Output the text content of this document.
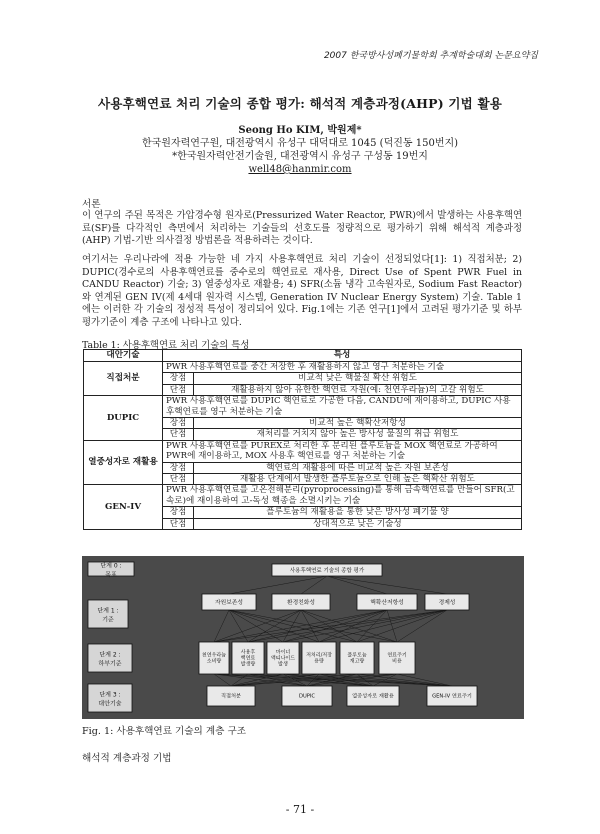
2007 한국방사성폐기물학회 추계학술대회 논문요약집
사용후핵연료 처리 기술의 종합 평가: 해석적 계층과정(AHP) 기법 활용
Seong Ho KIM, 박원제*
한국원자력연구원, 대전광역시 유성구 대덕대로 1045 (덕진동 150번지)
*한국원자력안전기술원, 대전광역시 유성구 구성동 19번지
well48@hanmir.com
서론
이 연구의 주된 목적은 가압경수형 원자로(Pressurized Water Reactor, PWR)에서 발생하는 사용후핵연료(SF)를 다각적인 측면에서 처리하는 기술들의 선호도를 정량적으로 평가하기 위해 해석적 계층과정(AHP) 기법-기반 의사결정 방법론을 적용하려는 것이다.
여기서는 우리나라에 적용 가능한 네 가지 사용후핵연료 처리 기술이 선정되었다[1]: 1) 직접처분; 2) DUPIC(경수로의 사용후핵연료를 중수로의 핵연료로 재사용, Direct Use of Spent PWR Fuel in CANDU Reactor) 기술; 3) 열중성자로 재활용; 4) SFR(소듐 냉각 고속원자로, Sodium Fast Reactor)와 연계된 GEN IV(제 4세대 원자력 시스템, Generation IV Nuclear Energy System) 기술. Table 1에는 이러한 각 기술의 정성적 특성이 정리되어 있다. Fig.1에는 기존 연구[1]에서 고려된 평가기준 및 하부 평가기준이 계층 구조에 나타나고 있다.
Table 1: 사용후핵연료 처리 기술의 특성
대안기술	특성	
직접처분	PWR 사용후핵연료를 중간 저장한 후 재활용하지 않고 영구 처분하는 기술	
	장점	비교적 낮은 핵물질 확산 위험도
	단점	재활용하지 않아 유한한 핵연료 자원(예: 천연우라늄)의 고갈 위험도
DUPIC	PWR 사용후핵연료를 DUPIC 핵연료로 가공한 다음, CANDU에 재이용하고, DUPIC 사용후핵연료를 영구 처분하는 기술	
	장점	비교적 높은 핵확산저항성
	단점	재처리를 거치지 않아 높은 방사성 물질의 취급 위험도
열중성자로 재활용	PWR 사용후핵연료를 PUREX로 처리한 후 분리된 플루토늄을 MOX 핵연료로 가공하여 PWR에 재이용하고, MOX 사용후 핵연료를 영구 처분하는 기술	
	장점	핵연료의 재활용에 따른 비교적 높은 자원 보존성
	단점	재활용 단계에서 발생한 플루토늄으로 인해 높은 핵확산 위험도
GEN-IV	PWR 사용후핵연료를 고온전해분리(pyroprocessing)를 통해 금속핵연료를 만들어 SFR(고속로)에 재이용하여 고-독성 핵종을 소멸시키는 기술	
	장점	플루토늄의 재활용을 통한 낮은 방사성 폐기물 양
	단점	상대적으로 낮은 기술성
단계 0 :
목표
단계 1 :
기준
단계 2 :
하부기준
단계 3 :
대안기술
사용후핵연료 기술의 종합 평가
자원보존성	환경친화성	핵확산저항성	경제성
천연우라늄
소비량
사용후
핵연료
발생량
마이너
액티나이드
발생
저처리/저장
용량
플루토늄
재고량
연료주기
비용
직접처분	DUPIC	열중성자로 재활용	GEN-IV 연료주기
Fig. 1: 사용후핵연료 기술의 계층 구조
해석적 계층과정 기법
- 71 -
